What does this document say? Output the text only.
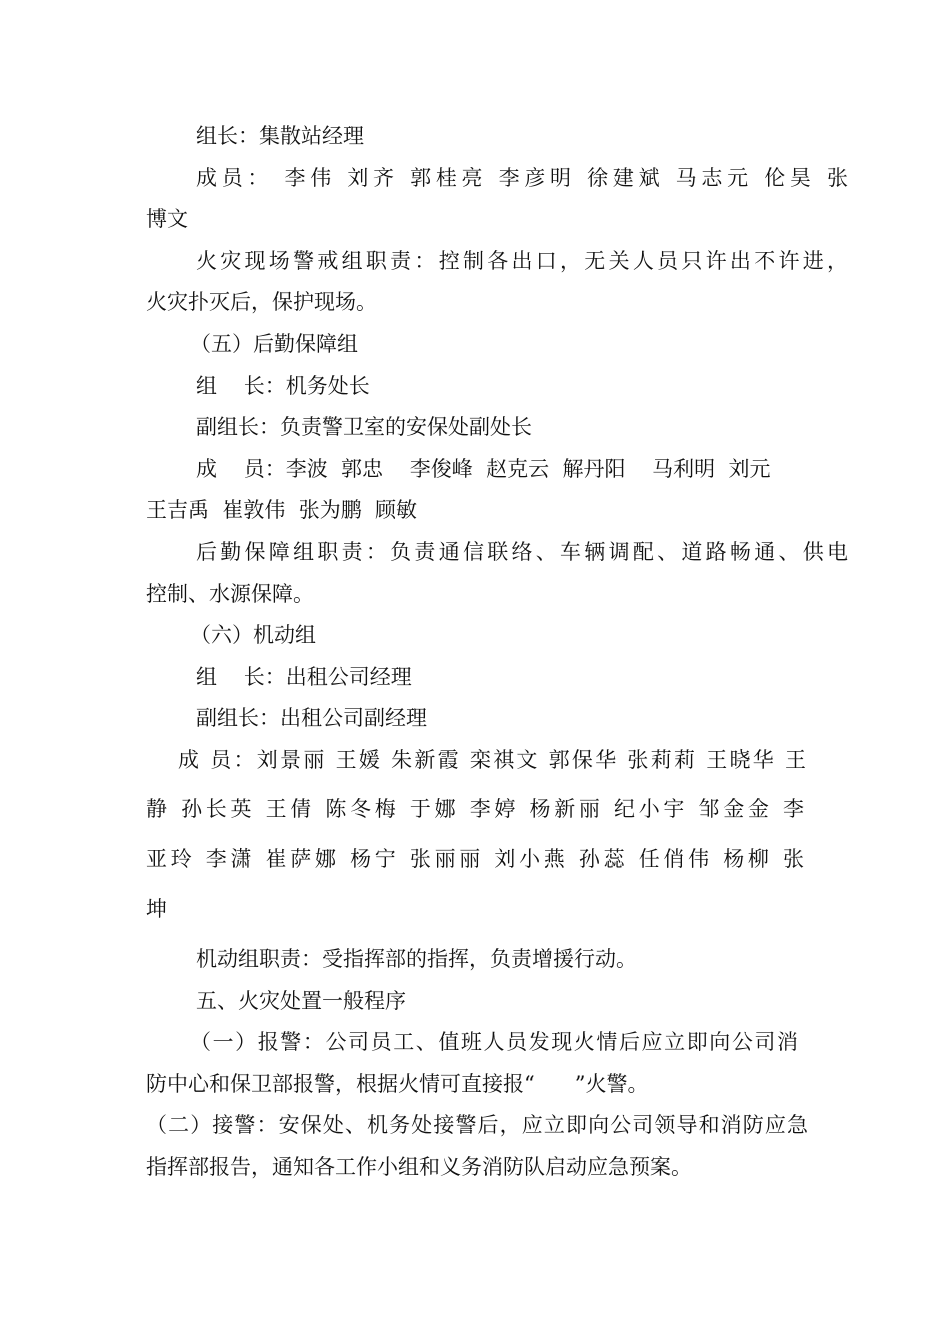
组长：集散站经理
成员： 李伟 刘齐 郭桂亮 李彦明 徐建斌 马志元 伦昊 张
博文
火灾现场警戒组职责：控制各出口，无关人员只许出不许进，
火灾扑灭后，保护现场。
（五）后勤保障组
组    长：机务处长
副组长：负责警卫室的安保处副处长
成    员：李波  郭忠    李俊峰  赵克云  解丹阳    马利明  刘元
王吉禹  崔敦伟  张为鹏  顾敏
后勤保障组职责：负责通信联络、车辆调配、道路畅通、供电
控制、水源保障。
（六）机动组
组    长：出租公司经理
副组长：出租公司副经理
成 员：刘景丽 王媛 朱新霞 栾祺文 郭保华 张莉莉 王晓华 王
静 孙长英 王倩 陈冬梅 于娜 李婷 杨新丽 纪小宇 邹金金 李
亚玲 李潇 崔萨娜 杨宁 张丽丽 刘小燕 孙蕊 任俏伟 杨柳 张
坤
机动组职责：受指挥部的指挥，负责增援行动。
五、火灾处置一般程序
（一）报警：公司员工、值班人员发现火情后应立即向公司消
防中心和保卫部报警，根据火情可直接报“      ”火警。
（二）接警：安保处、机务处接警后，应立即向公司领导和消防应急
指挥部报告，通知各工作小组和义务消防队启动应急预案。
